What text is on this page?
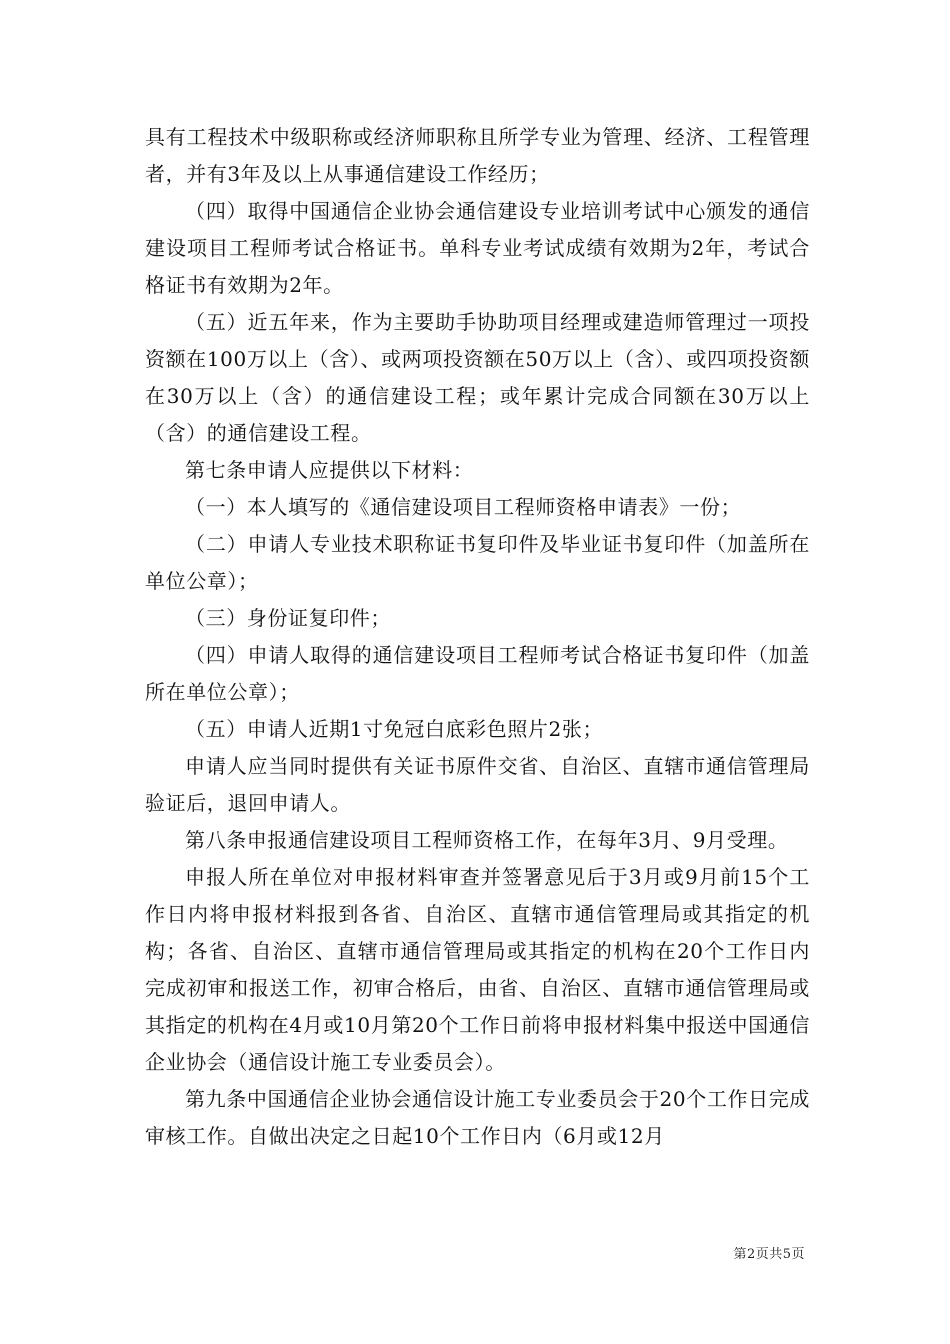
具有工程技术中级职称或经济师职称且所学专业为管理、经济、工程管理者，并有3年及以上从事通信建设工作经历；

（四）取得中国通信企业协会通信建设专业培训考试中心颁发的通信建设项目工程师考试合格证书。单科专业考试成绩有效期为2年，考试合格证书有效期为2年。

（五）近五年来，作为主要助手协助项目经理或建造师管理过一项投资额在100万以上（含）、或两项投资额在50万以上（含）、或四项投资额在30万以上（含）的通信建设工程；或年累计完成合同额在30万以上（含）的通信建设工程。

第七条申请人应提供以下材料：

（一）本人填写的《通信建设项目工程师资格申请表》一份；

（二）申请人专业技术职称证书复印件及毕业证书复印件（加盖所在单位公章）；

（三）身份证复印件；

（四）申请人取得的通信建设项目工程师考试合格证书复印件（加盖所在单位公章）；

（五）申请人近期1寸免冠白底彩色照片2张；

申请人应当同时提供有关证书原件交省、自治区、直辖市通信管理局验证后，退回申请人。

第八条申报通信建设项目工程师资格工作，在每年3月、9月受理。

申报人所在单位对申报材料审查并签署意见后于3月或9月前15个工作日内将申报材料报到各省、自治区、直辖市通信管理局或其指定的机构；各省、自治区、直辖市通信管理局或其指定的机构在20个工作日内完成初审和报送工作，初审合格后，由省、自治区、直辖市通信管理局或其指定的机构在4月或10月第20个工作日前将申报材料集中报送中国通信企业协会（通信设计施工专业委员会）。

第九条中国通信企业协会通信设计施工专业委员会于20个工作日完成审核工作。自做出决定之日起10个工作日内（6月或12月

第2页共5页
